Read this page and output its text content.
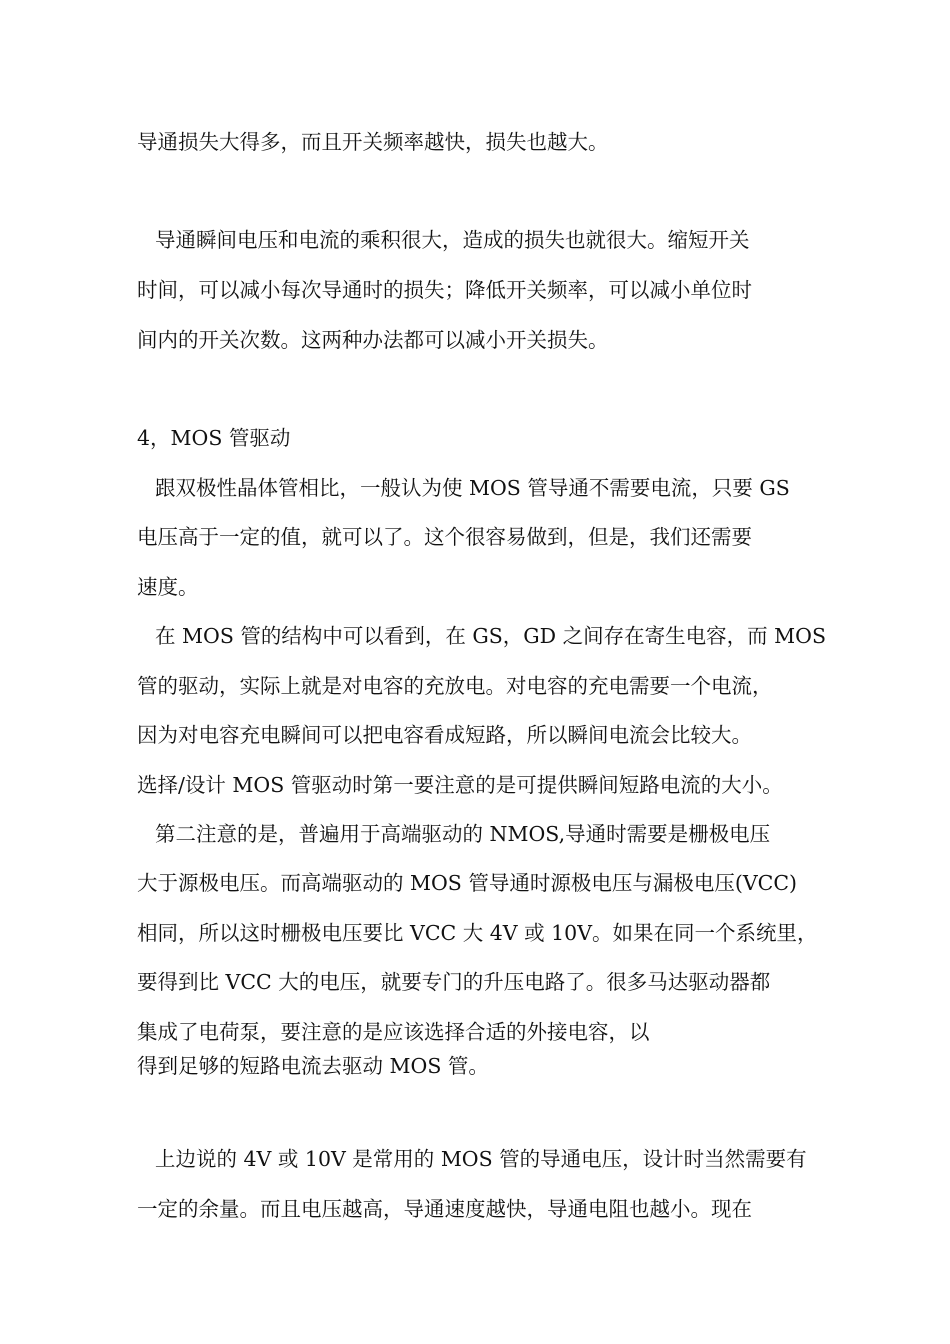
导通损失大得多，而且开关频率越快，损失也越大。
导通瞬间电压和电流的乘积很大，造成的损失也就很大。缩短开关
时间，可以减小每次导通时的损失；降低开关频率，可以减小单位时
间内的开关次数。这两种办法都可以减小开关损失。
4，MOS 管驱动
跟双极性晶体管相比，一般认为使 MOS 管导通不需要电流，只要 GS
电压高于一定的值，就可以了。这个很容易做到，但是，我们还需要
速度。
在 MOS 管的结构中可以看到，在 GS，GD 之间存在寄生电容，而 MOS
管的驱动，实际上就是对电容的充放电。对电容的充电需要一个电流，
因为对电容充电瞬间可以把电容看成短路，所以瞬间电流会比较大。
选择/设计 MOS 管驱动时第一要注意的是可提供瞬间短路电流的大小。
第二注意的是，普遍用于高端驱动的 NMOS,导通时需要是栅极电压
大于源极电压。而高端驱动的 MOS 管导通时源极电压与漏极电压(VCC)
相同，所以这时栅极电压要比 VCC 大 4V 或 10V。如果在同一个系统里，
要得到比 VCC 大的电压，就要专门的升压电路了。很多马达驱动器都
集成了电荷泵，要注意的是应该选择合适的外接电容，以
得到足够的短路电流去驱动 MOS 管。
上边说的 4V 或 10V 是常用的 MOS 管的导通电压，设计时当然需要有
一定的余量。而且电压越高，导通速度越快，导通电阻也越小。现在
